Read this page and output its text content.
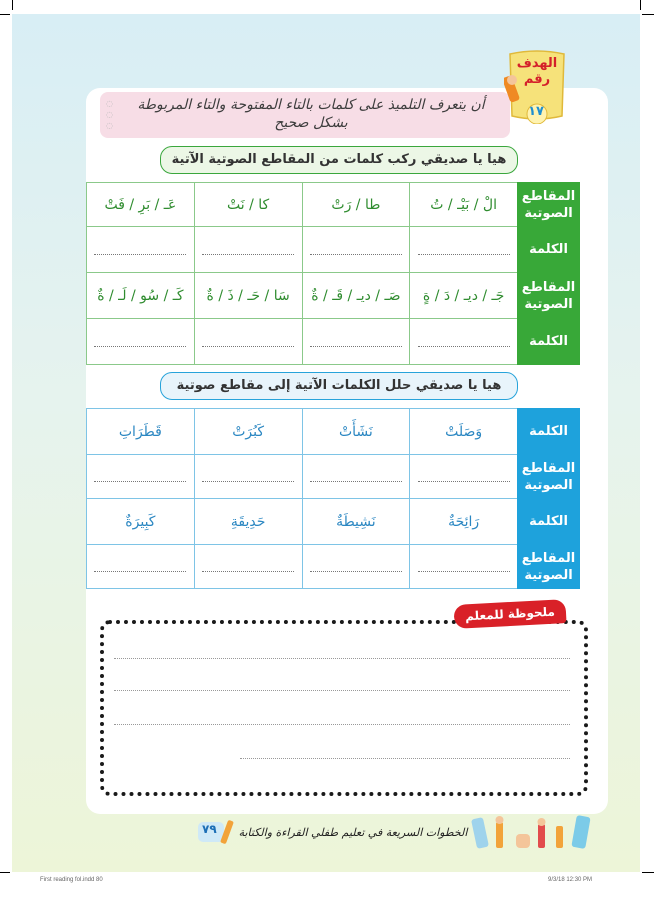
◌
◌
◌
أن يتعرف التلميذ على كلمات بالتاء المفتوحة والتاء المربوطة بشكل صحيح
الهدف
رقم
١٧
هيا يا صديقي ركب كلمات من المقاطع الصوتية الآتية
المقاطع الصوتية	الْ / بَيْـ / تُ	طا / رَتْ	كا / نَتْ	عَـ / بَرِ / فَتْ
الكلمة				
المقاطع الصوتية	جَـ / ديـ / دَ / ةٍ	صَـ / ديـ / قَـ / ةٌ	سَا / حَـ / ذَ / ةٌ	كَـ / سُو / لَـ / ةٌ
الكلمة				
هيا يا صديقي حلل الكلمات الآتية إلى مقاطع صوتية
الكلمة	وَصَلَتْ	نَشَأَتْ	كَبُرَتْ	قَطَرَاتِ
المقاطع الصوتية				
الكلمة	رَائِحَةٌ	نَشِيطَةٌ	حَدِيقَةِ	كَبِيرَةٌ
المقاطع الصوتية				
ملحوظة للمعلم
الخطوات السريعة في تعليم طفلي القراءة والكتابة
٧٩
First reading fol.indd 80	9/3/18 12:30 PM
